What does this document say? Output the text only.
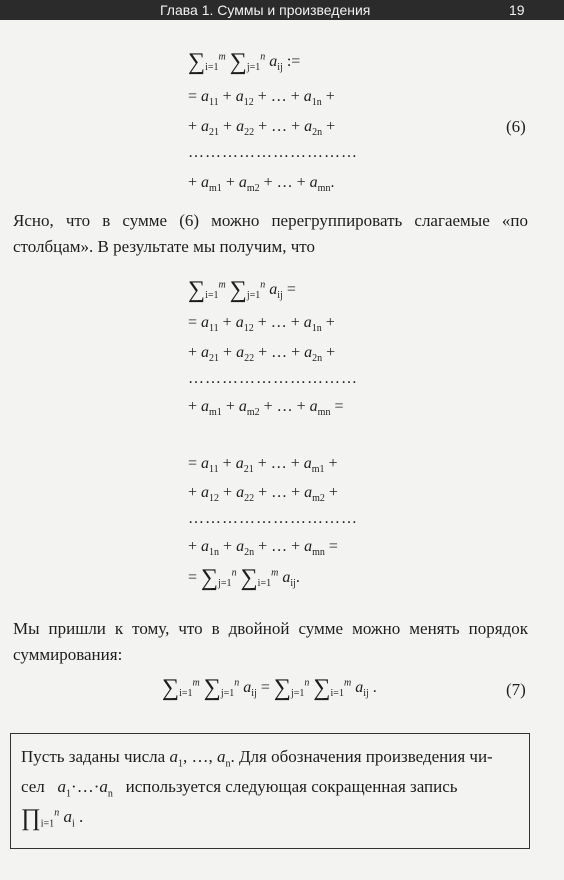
Глава 1. Суммы и произведения	19
$\sum_{i=1}^m$ $\sum_{j=1}^n$ $a_{ij}$ :=
= $a_{11} + a_{12}$ + … + $a_{1n}$ +
+ $a_{21} + a_{22}$ + … + $a_{2n}$ +
…………………………
+ $a_{m1} + a_{m2}$ + … + $a_{mn}$.
(6)
Ясно, что в сумме (6) можно перегруппировать слагаемые «по столбцам». В результате мы получим, что
$\sum_{i=1}^m$ $\sum_{j=1}^n$ $a_{ij}$ =
= $a_{11} + a_{12}$ + … + $a_{1n}$ +
+ $a_{21} + a_{22}$ + … + $a_{2n}$ +
…………………………
+ $a_{m1} + a_{m2}$ + … + $a_{mn}$ =
= $a_{11} + a_{21}$ + … + $a_{m1}$ +
+ $a_{12} + a_{22}$ + … + $a_{m2}$ +
…………………………
+ $a_{1n} + a_{2n}$ + … + $a_{mn}$ =
= $\sum_{j=1}^n$ $\sum_{i=1}^m$ $a_{ij}$.
Мы пришли к тому, что в двойной сумме можно менять порядок суммирования:
$\sum_{i=1}^m$ $\sum_{j=1}^n$ $a_{ij} = \sum_{j=1}^n$ $\sum_{i=1}^m$ $a_{ij}$ .	(7)
Пусть заданы числа $a_1$, …, $a_n$. Для обозначения произведения чи-
сел $a_1\cdot\dots\cdot a_n$ используется следующая сокращенная запись
$\prod_{i=1}^n$ $a_i$ .
